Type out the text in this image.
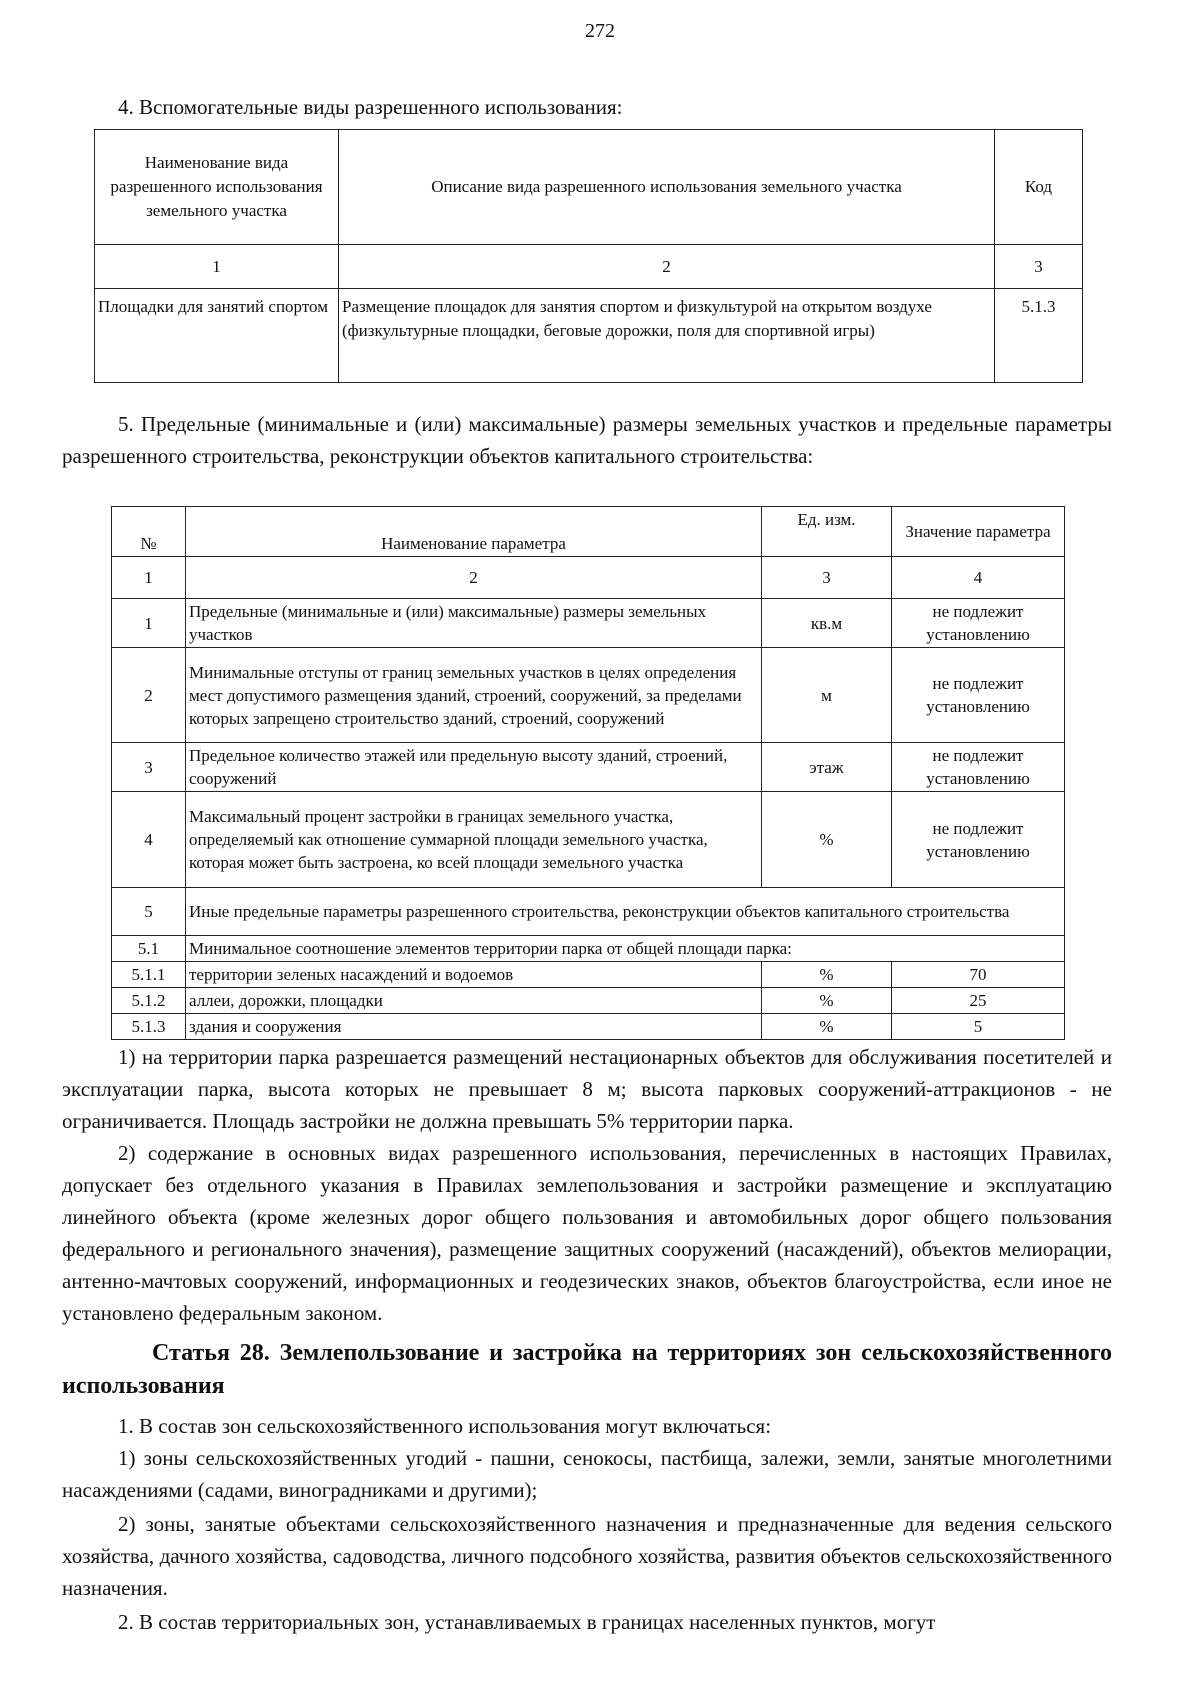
272
4. Вспомогательные виды разрешенного использования:
Наименование вида разрешенного использования земельного участка	Описание вида разрешенного использования земельного участка	Код
1	2	3
Площадки для занятий спортом	Размещение площадок для занятия спортом и физкультурой на открытом воздухе (физкультурные площадки, беговые дорожки, поля для спортивной игры)	5.1.3
5. Предельные (минимальные и (или) максимальные) размеры земельных участков и предельные параметры разрешенного строительства, реконструкции объектов капитального строительства:
№	Наименование параметра	Ед. изм.	Значение параметра
1	2	3	4
1	Предельные (минимальные и (или) максимальные) размеры земельных участков	кв.м	не подлежит установлению
2	Минимальные отступы от границ земельных участков в целях определения мест допустимого размещения зданий, строений, сооружений, за пределами которых запрещено строительство зданий, строений, сооружений	м	не подлежит установлению
3	Предельное количество этажей или предельную высоту зданий, строений, сооружений	этаж	не подлежит установлению
4	Максимальный процент застройки в границах земельного участка, определяемый как отношение суммарной площади земельного участка, которая может быть застроена, ко всей площади земельного участка	%	не подлежит установлению
5	Иные предельные параметры разрешенного строительства, реконструкции объектов капитального строительства		
5.1	Минимальное соотношение элементов территории парка от общей площади парка:		
5.1.1	территории зеленых насаждений и водоемов	%	70
5.1.2	аллеи, дорожки, площадки	%	25
5.1.3	здания и сооружения	%	5
1) на территории парка разрешается размещений нестационарных объектов для обслуживания посетителей и эксплуатации парка, высота которых не превышает 8 м; высота парковых сооружений-аттракционов - не ограничивается. Площадь застройки не должна превышать 5% территории парка.
2) содержание в основных видах разрешенного использования, перечисленных в настоящих Правилах, допускает без отдельного указания в Правилах землепользования и застройки размещение и эксплуатацию линейного объекта (кроме железных дорог общего пользования и автомобильных дорог общего пользования федерального и регионального значения), размещение защитных сооружений (насаждений), объектов мелиорации, антенно-мачтовых сооружений, информационных и геодезических знаков, объектов благоустройства, если иное не установлено федеральным законом.
Статья 28. Землепользование и застройка на территориях зон сельскохозяйственного использования
1. В состав зон сельскохозяйственного использования могут включаться:
1) зоны сельскохозяйственных угодий - пашни, сенокосы, пастбища, залежи, земли, занятые многолетними насаждениями (садами, виноградниками и другими);
2) зоны, занятые объектами сельскохозяйственного назначения и предназначенные для ведения сельского хозяйства, дачного хозяйства, садоводства, личного подсобного хозяйства, развития объектов сельскохозяйственного назначения.
2. В состав территориальных зон, устанавливаемых в границах населенных пунктов, могут
